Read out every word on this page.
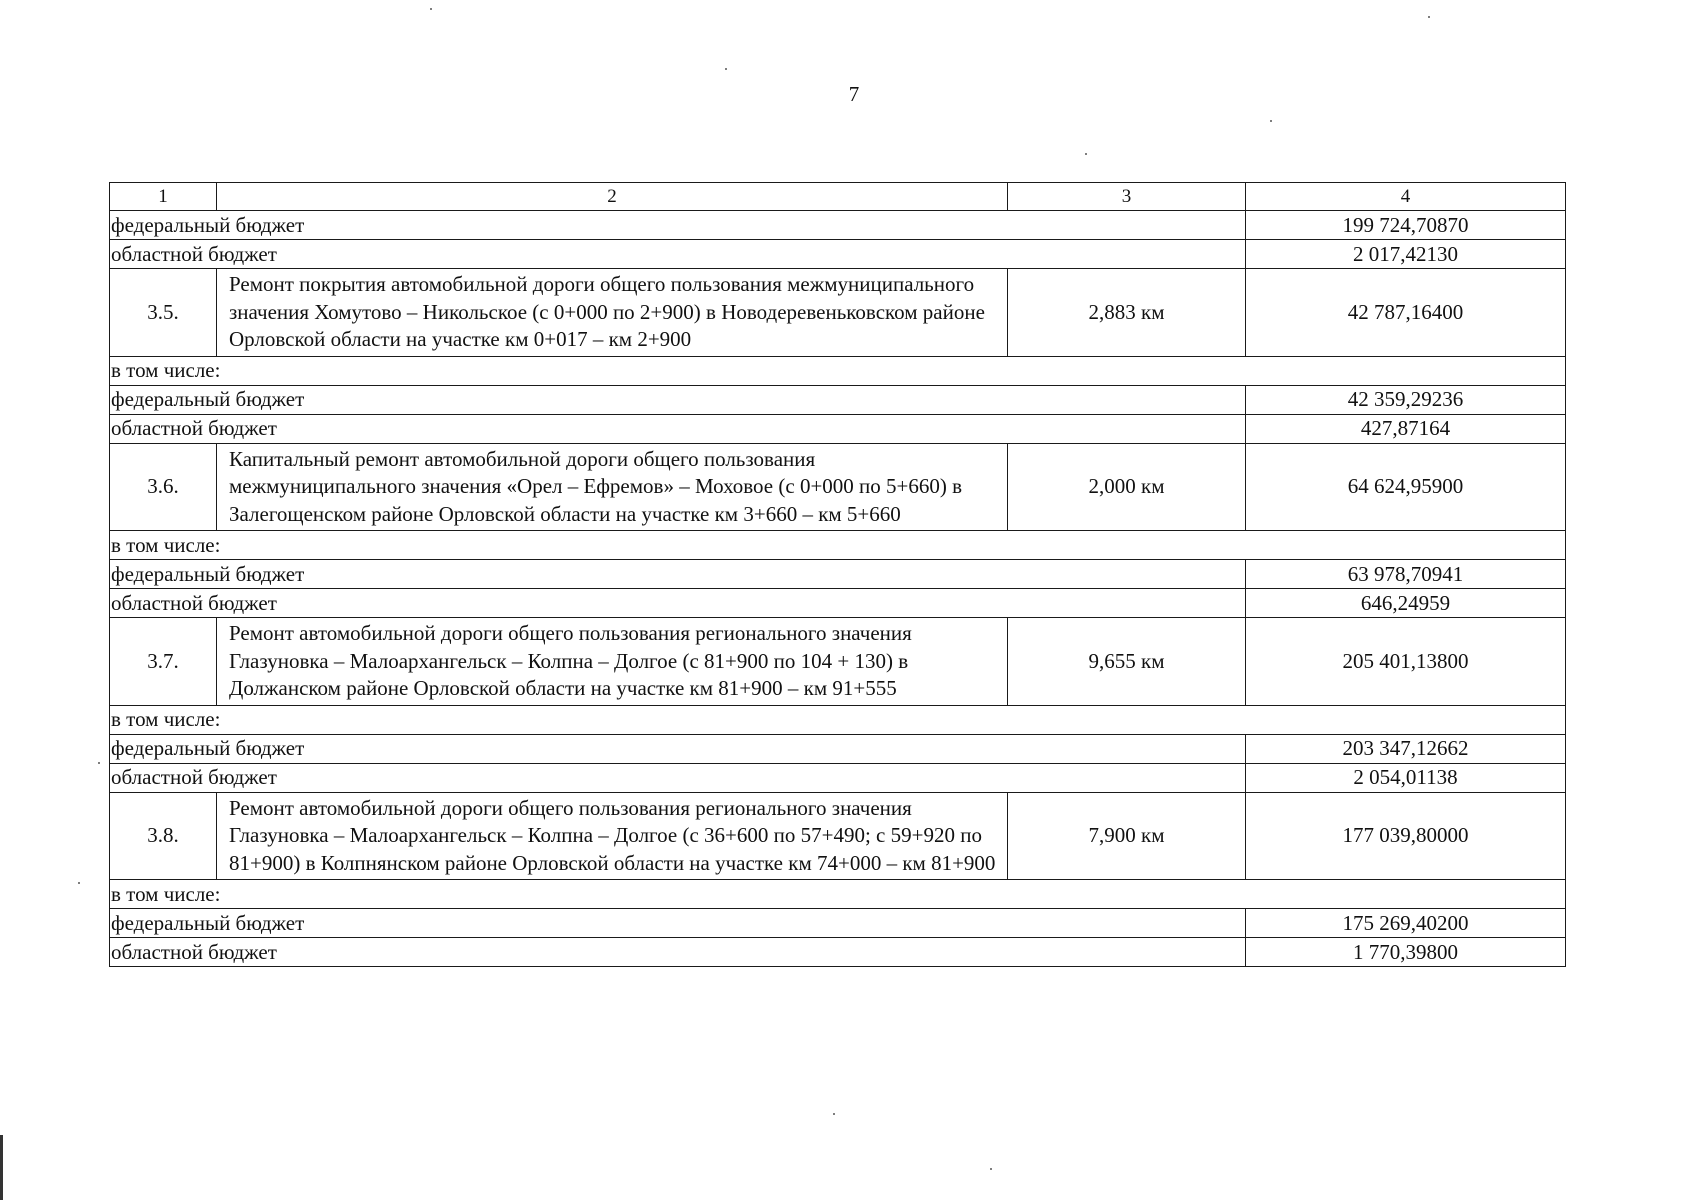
7
1	2	3	4
федеральный бюджет			199 724,70870
областной бюджет			2 017,42130
3.5.	Ремонт покрытия автомобильной дороги общего пользования межмуниципального значения Хомутово – Никольское (с 0+000 по 2+900) в Новодеревеньковском районе Орловской области на участке км 0+017 – км 2+900	2,883 км	42 787,16400
в том числе:			
федеральный бюджет			42 359,29236
областной бюджет			427,87164
3.6.	Капитальный ремонт автомобильной дороги общего пользования межмуниципального значения «Орел – Ефремов» – Моховое (с 0+000 по 5+660) в Залегощенском районе Орловской области на участке км 3+660 – км 5+660	2,000 км	64 624,95900
в том числе:			
федеральный бюджет			63 978,70941
областной бюджет			646,24959
3.7.	Ремонт автомобильной дороги общего пользования регионального значения Глазуновка – Малоархангельск – Колпна – Долгое (с 81+900 по 104 + 130) в Должанском районе Орловской области на участке км 81+900 – км 91+555	9,655 км	205 401,13800
в том числе:			
федеральный бюджет			203 347,12662
областной бюджет			2 054,01138
3.8.	Ремонт автомобильной дороги общего пользования регионального значения Глазуновка – Малоархангельск – Колпна – Долгое (с 36+600 по 57+490; с 59+920 по 81+900) в Колпнянском районе Орловской области на участке км 74+000 – км 81+900	7,900 км	177 039,80000
в том числе:			
федеральный бюджет			175 269,40200
областной бюджет			1 770,39800
